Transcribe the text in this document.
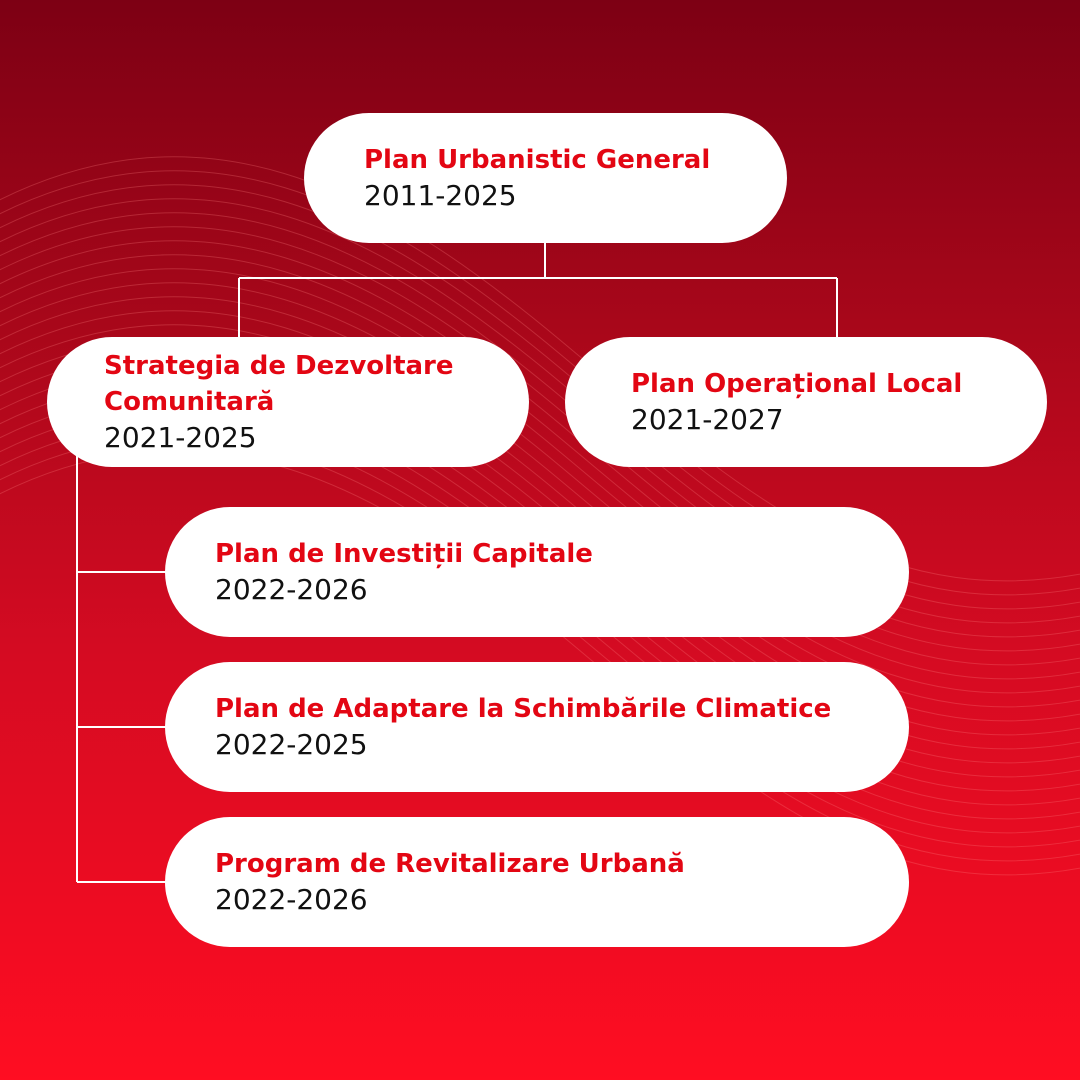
Plan Urbanistic General
2011-2025
Strategia de Dezvoltare Comunitară
2021-2025
Plan Operațional Local
2021-2027
Plan de Investiții Capitale
2022-2026
Plan de Adaptare la Schimbările Climatice
2022-2025
Program de Revitalizare Urbană
2022-2026
